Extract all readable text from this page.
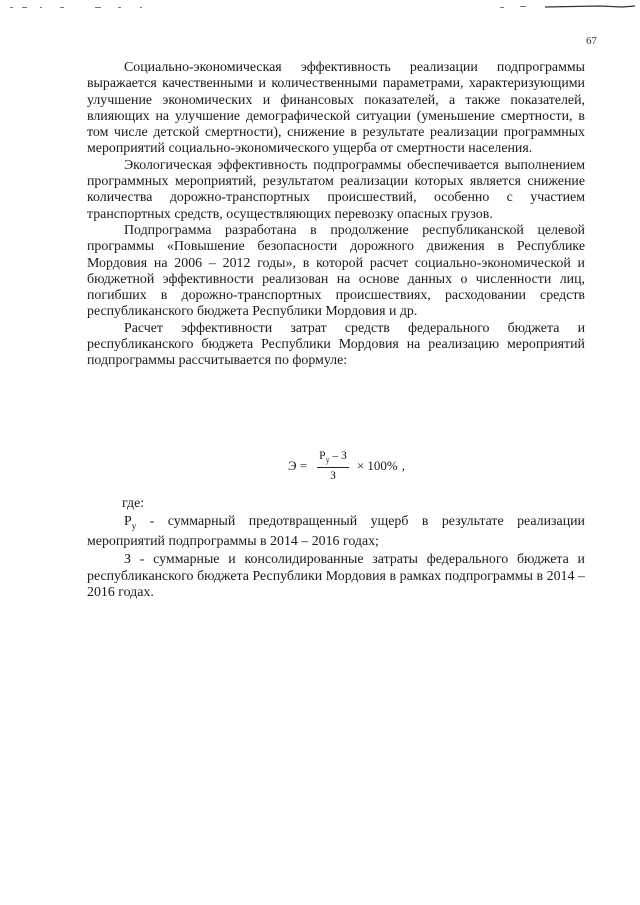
67

Социально-экономическая эффективность реализации подпрограммы выражается качественными и количественными параметрами, характеризующими улучшение экономических и финансовых показателей, а также показателей, влияющих на улучшение демографической ситуации (уменьшение смертности, в том числе детской смертности), снижение в результате реализации программных мероприятий социально-экономического ущерба от смертности населения.

Экологическая эффективность подпрограммы обеспечивается выполнением программных мероприятий, результатом реализации которых является снижение количества дорожно-транспортных происшествий, особенно с участием транспортных средств, осуществляющих перевозку опасных грузов.

Подпрограмма разработана в продолжение республиканской целевой программы «Повышение безопасности дорожного движения в Республике Мордовия на 2006 – 2012 годы», в которой расчет социально-экономической и бюджетной эффективности реализован на основе данных о численности лиц, погибших в дорожно-транспортных происшествиях, расходовании средств республиканского бюджета Республики Мордовия и др.

Расчет эффективности затрат средств федерального бюджета и республиканского бюджета Республики Мордовия на реализацию мероприятий подпрограммы рассчитывается по формуле:

$Э = \frac{Р_у - З}{З} \times 100\%$ ,
где:

$Р_у$ - суммарный предотвращенный ущерб в результате реализации мероприятий подпрограммы в 2014 – 2016 годах;

З - суммарные и консолидированные затраты федерального бюджета и республиканского бюджета Республики Мордовия в рамках подпрограммы в 2014 – 2016 годах.
